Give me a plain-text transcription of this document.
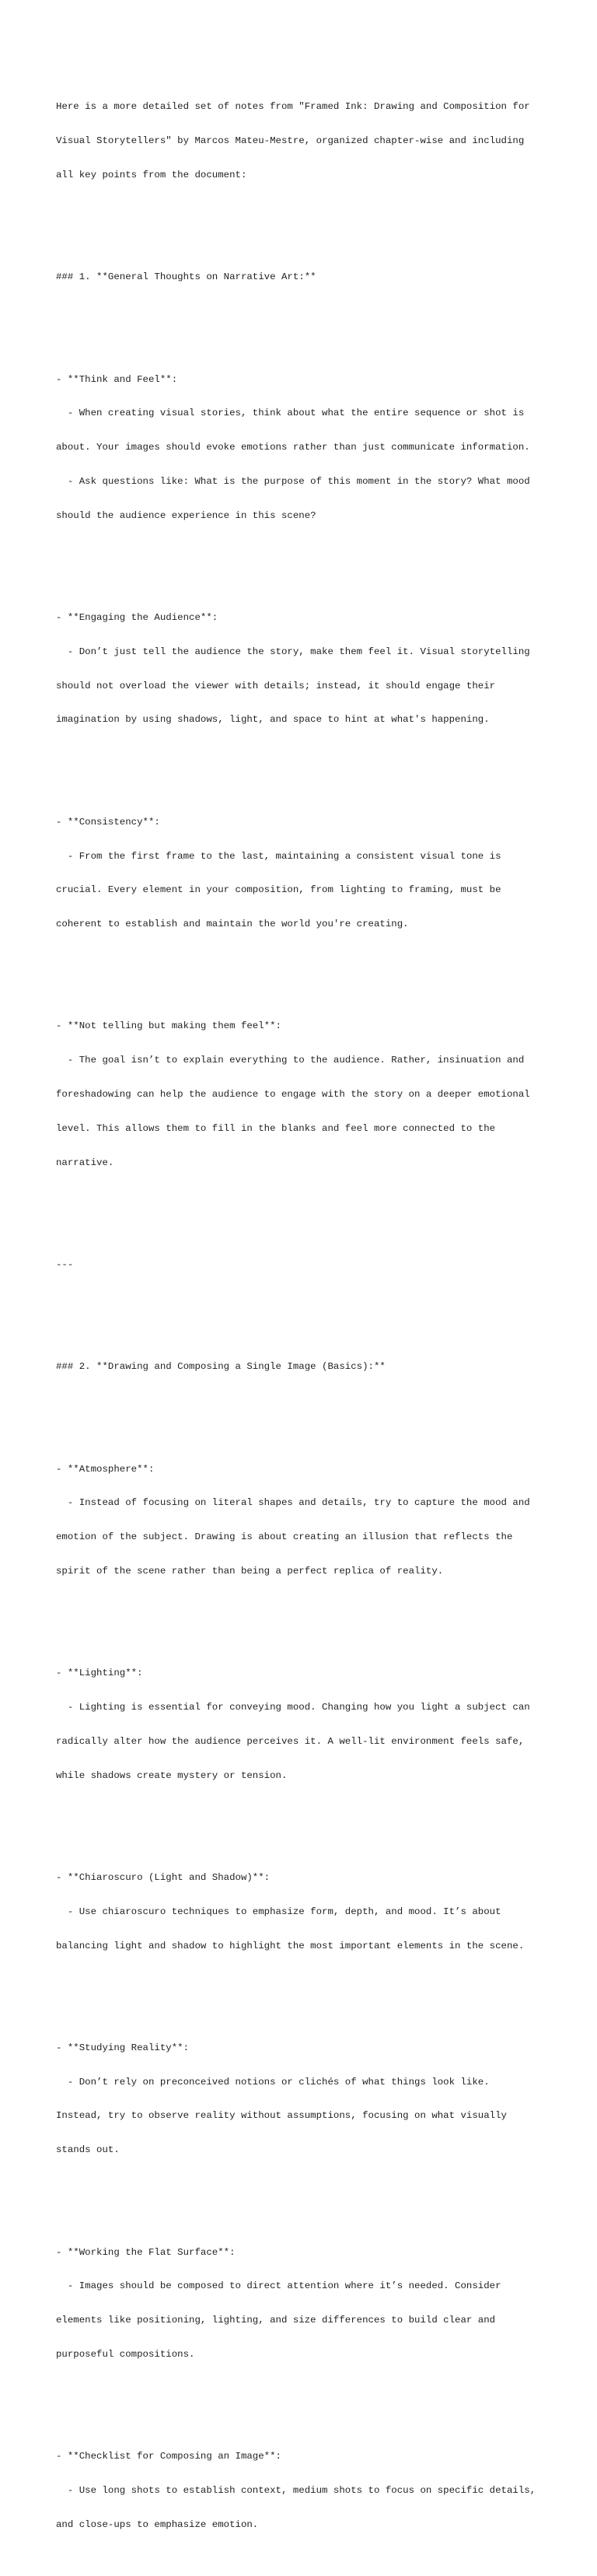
Here is a more detailed set of notes from "Framed Ink: Drawing and Composition for

Visual Storytellers" by Marcos Mateu-Mestre, organized chapter-wise and including

all key points from the document:

### 1. **General Thoughts on Narrative Art:**

- **Think and Feel**:

- When creating visual stories, think about what the entire sequence or shot is

about. Your images should evoke emotions rather than just communicate information.

- Ask questions like: What is the purpose of this moment in the story? What mood

should the audience experience in this scene?

- **Engaging the Audience**:

- Don’t just tell the audience the story, make them feel it. Visual storytelling

should not overload the viewer with details; instead, it should engage their

imagination by using shadows, light, and space to hint at what's happening.

- **Consistency**:

- From the first frame to the last, maintaining a consistent visual tone is

crucial. Every element in your composition, from lighting to framing, must be

coherent to establish and maintain the world you're creating.

- **Not telling but making them feel**:

- The goal isn’t to explain everything to the audience. Rather, insinuation and

foreshadowing can help the audience to engage with the story on a deeper emotional

level. This allows them to fill in the blanks and feel more connected to the

narrative.

---

### 2. **Drawing and Composing a Single Image (Basics):**

- **Atmosphere**:

- Instead of focusing on literal shapes and details, try to capture the mood and

emotion of the subject. Drawing is about creating an illusion that reflects the

spirit of the scene rather than being a perfect replica of reality.

- **Lighting**:

- Lighting is essential for conveying mood. Changing how you light a subject can

radically alter how the audience perceives it. A well-lit environment feels safe,

while shadows create mystery or tension.

- **Chiaroscuro (Light and Shadow)**:

- Use chiaroscuro techniques to emphasize form, depth, and mood. It’s about

balancing light and shadow to highlight the most important elements in the scene.

- **Studying Reality**:

- Don’t rely on preconceived notions or clichés of what things look like.

Instead, try to observe reality without assumptions, focusing on what visually

stands out.

- **Working the Flat Surface**:

- Images should be composed to direct attention where it’s needed. Consider

elements like positioning, lighting, and size differences to build clear and

purposeful compositions.

- **Checklist for Composing an Image**:

- Use long shots to establish context, medium shots to focus on specific details,

and close-ups to emphasize emotion.
